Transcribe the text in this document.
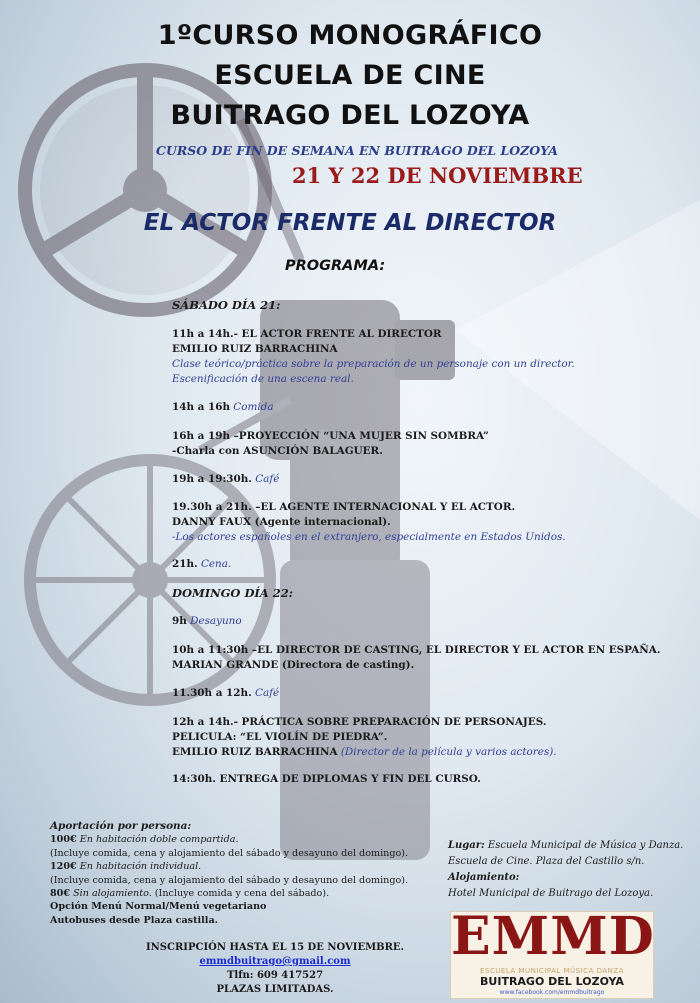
1ºCURSO MONOGRÁFICO
ESCUELA DE CINE
BUITRAGO DEL LOZOYA
CURSO DE FIN DE SEMANA EN BUITRAGO DEL LOZOYA
21 Y 22 DE NOVIEMBRE
EL ACTOR FRENTE AL DIRECTOR
PROGRAMA:
SÁBADO DÍA 21:
11h a 14h.- EL ACTOR FRENTE AL DIRECTOR
EMILIO RUIZ BARRACHINA
Clase teórico/práctica sobre la preparación de un personaje con un director.
Escenificación de una escena real.
14h a 16h Comida
16h a 19h –PROYECCIÓN “UNA MUJER SIN SOMBRA”
-Charla con ASUNCIÓN BALAGUER.
19h a 19:30h. Café
19.30h a 21h. –EL AGENTE INTERNACIONAL Y EL ACTOR.
DANNY FAUX (Agente internacional).
-Los actores españoles en el extranjero, especialmente en Estados Unidos.
21h. Cena.
DOMINGO DÍA 22:
9h Desayuno
10h a 11:30h –EL DIRECTOR DE CASTING, EL DIRECTOR Y EL ACTOR EN ESPAÑA.
MARIAN GRANDE (Directora de casting).
11.30h a 12h. Café
12h a 14h.- PRÁCTICA SOBRE PREPARACIÓN DE PERSONAJES.
PELICULA: “EL VIOLÍN DE PIEDRA”.
EMILIO RUIZ BARRACHINA (Director de la película y varios actores).
14:30h. ENTREGA DE DIPLOMAS Y FIN DEL CURSO.
Aportación por persona:
100€ En habitación doble compartida.
(Incluye comida, cena y alojamiento del sábado y desayuno del domingo).
120€ En habitación individual.
(Incluye comida, cena y alojamiento del sábado y desayuno del domingo).
80€ Sin alojamiento. (Incluye comida y cena del sábado).
Opción Menú Normal/Menú vegetariano
Autobuses desde Plaza castilla.
Lugar: Escuela Municipal de Música y Danza.
Escuela de Cine. Plaza del Castillo s/n.
Alojamiento:
Hotel Municipal de Buitrago del Lozoya.
INSCRIPCIÓN HASTA EL 15 DE NOVIEMBRE.
emmdbuitrago@gmail.com
Tlfn: 609 417527
PLAZAS LIMITADAS.
EMMD
ESCUELA MUNICIPAL MÚSICA DANZA
BUITRAGO DEL LOZOYA
www.facebook.com/emmdbuitrago
